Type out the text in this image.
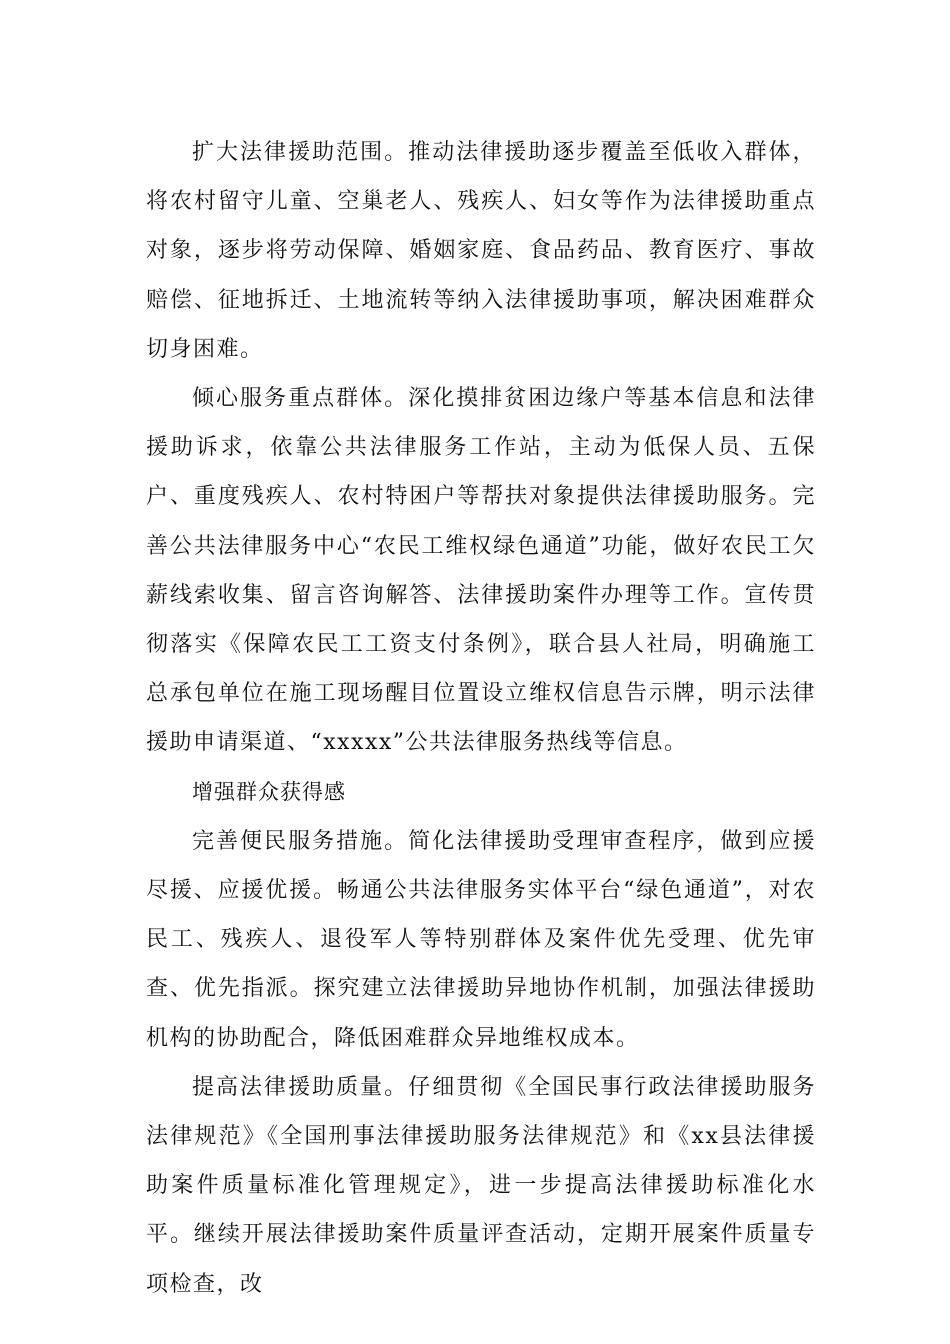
扩大法律援助范围。推动法律援助逐步覆盖至低收入群体，将农村留守儿童、空巢老人、残疾人、妇女等作为法律援助重点对象，逐步将劳动保障、婚姻家庭、食品药品、教育医疗、事故赔偿、征地拆迁、土地流转等纳入法律援助事项，解决困难群众切身困难。

倾心服务重点群体。深化摸排贫困边缘户等基本信息和法律援助诉求，依靠公共法律服务工作站，主动为低保人员、五保户、重度残疾人、农村特困户等帮扶对象提供法律援助服务。完善公共法律服务中心“农民工维权绿色通道”功能，做好农民工欠薪线索收集、留言咨询解答、法律援助案件办理等工作。宣传贯彻落实《保障农民工工资支付条例》，联合县人社局，明确施工总承包单位在施工现场醒目位置设立维权信息告示牌，明示法律援助申请渠道、“xxxxx”公共法律服务热线等信息。

增强群众获得感

完善便民服务措施。简化法律援助受理审查程序，做到应援尽援、应援优援。畅通公共法律服务实体平台“绿色通道”，对农民工、残疾人、退役军人等特别群体及案件优先受理、优先审查、优先指派。探究建立法律援助异地协作机制，加强法律援助机构的协助配合，降低困难群众异地维权成本。

提高法律援助质量。仔细贯彻《全国民事行政法律援助服务法律规范》《全国刑事法律援助服务法律规范》和《xx县法律援助案件质量标准化管理规定》，进一步提高法律援助标准化水平。继续开展法律援助案件质量评查活动，定期开展案件质量专项检查，改
